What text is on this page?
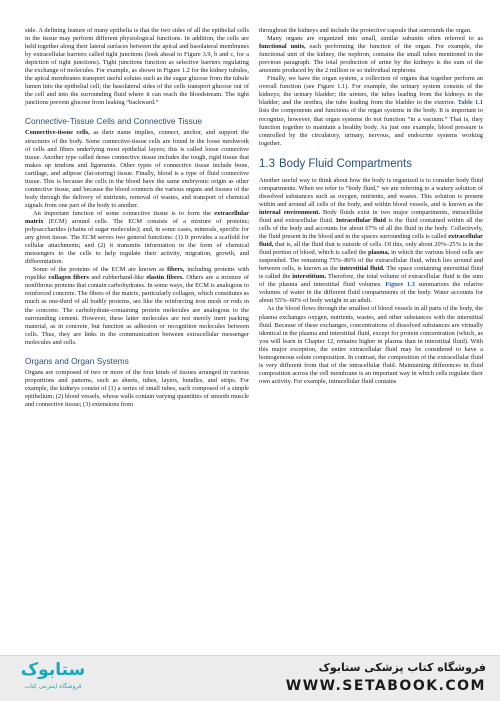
side. A defining feature of many epithelia is that the two sides of all the epithelial cells in the tissue may perform different physiological functions. In addition, the cells are held together along their lateral surfaces between the apical and basolateral membranes by extracellular barriers called tight junctions (look ahead to Figure 3.9, b and c, for a depiction of tight junctions). Tight junctions function as selective barriers regulating the exchange of molecules. For example, as shown in Figure 1.2 for the kidney tubules, the apical membranes transport useful solutes such as the sugar glucose from the tubule lumen into the epithelial cell; the basolateral sides of the cells transport glucose out of the cell and into the surrounding fluid where it can reach the bloodstream. The tight junctions prevent glucose from leaking “backward.”

Connective-Tissue Cells and Connective Tissue

Connective-tissue cells, as their name implies, connect, anchor, and support the structures of the body. Some connective-tissue cells are found in the loose meshwork of cells and fibers underlying most epithelial layers; this is called loose connective tissue. Another type called dense connective tissue includes the tough, rigid tissue that makes up tendons and ligaments. Other types of connective tissue include bone, cartilage, and adipose (fat-storing) tissue. Finally, blood is a type of fluid connective tissue. This is because the cells in the blood have the same embryonic origin as other connective tissue, and because the blood connects the various organs and tissues of the body through the delivery of nutrients, removal of wastes, and transport of chemical signals from one part of the body to another.

An important function of some connective tissue is to form the extracellular matrix (ECM) around cells. The ECM consists of a mixture of proteins; polysaccharides (chains of sugar molecules); and, in some cases, minerals, specific for any given tissue. The ECM serves two general functions: (1) It provides a scaffold for cellular attachments; and (2) it transmits information in the form of chemical messengers to the cells to help regulate their activity, migration, growth, and differentiation.

Some of the proteins of the ECM are known as fibers, including proteins with ropelike collagen fibers and rubberband-like elastin fibers. Others are a mixture of nonfibrous proteins that contain carbohydrates. In some ways, the ECM is analogous to reinforced concrete. The fibers of the matrix, particularly collagen, which constitutes as much as one-third of all bodily proteins, are like the reinforcing iron mesh or rods in the concrete. The carbohydrate-containing protein molecules are analogous to the surrounding cement. However, these latter molecules are not merely inert packing material, as in concrete, but function as adhesion or recognition molecules between cells. Thus, they are links in the communication between extracellular messenger molecules and cells.

Organs and Organ Systems

Organs are composed of two or more of the four kinds of tissues arranged in various proportions and patterns, such as sheets, tubes, layers, bundles, and strips. For example, the kidneys consist of (1) a series of small tubes, each composed of a simple epithelium; (2) blood vessels, whose walls contain varying quantities of smooth muscle and connective tissue; (3) extensions from

throughout the kidneys and include the protective capsule that surrounds the organ.

Many organs are organized into small, similar subunits often referred to as functional units, each performing the function of the organ. For example, the functional unit of the kidney, the nephron, contains the small tubes mentioned in the previous paragraph. The total production of urine by the kidneys is the sum of the amounts produced by the 2 million or so individual nephrons.

Finally, we have the organ system, a collection of organs that together perform an overall function (see Figure 1.1). For example, the urinary system consists of the kidneys; the urinary bladder; the ureters, the tubes leading from the kidneys to the bladder; and the urethra, the tube leading from the bladder to the exterior. Table 1.1 lists the components and functions of the organ systems in the body. It is important to recognize, however, that organ systems do not function “in a vacuum.” That is, they function together to maintain a healthy body. As just one example, blood pressure is controlled by the circulatory, urinary, nervous, and endocrine systems working together.

1.3 Body Fluid Compartments

Another useful way to think about how the body is organized is to consider body fluid compartments. When we refer to “body fluid,” we are referring to a watery solution of dissolved substances such as oxygen, nutrients, and wastes. This solution is present within and around all cells of the body, and within blood vessels, and is known as the internal environment. Body fluids exist in two major compartments, intracellular fluid and extracellular fluid. Intracellular fluid is the fluid contained within all the cells of the body and accounts for about 67% of all the fluid in the body. Collectively, the fluid present in the blood and in the spaces surrounding cells is called extracellular fluid, that is, all the fluid that is outside of cells. Of this, only about 20%–25% is in the fluid portion of blood, which is called the plasma, in which the various blood cells are suspended. The remaining 75%–80% of the extracellular fluid, which lies around and between cells, is known as the interstitial fluid. The space containing interstitial fluid is called the interstitium. Therefore, the total volume of extracellular fluid is the sum of the plasma and interstitial fluid volumes. Figure 1.3 summarizes the relative volumes of water in the different fluid compartments of the body. Water accounts for about 55%–60% of body weight in an adult.

As the blood flows through the smallest of blood vessels in all parts of the body, the plasma exchanges oxygen, nutrients, wastes, and other substances with the interstitial fluid. Because of these exchanges, concentrations of dissolved substances are virtually identical in the plasma and interstitial fluid, except for protein concentration (which, as you will learn in Chapter 12, remains higher in plasma than in interstitial fluid). With this major exception, the entire extracellular fluid may be considered to have a homogeneous solute composition. In contrast, the composition of the extracellular fluid is very different from that of the intracellular fluid. Maintaining differences in fluid composition across the cell membrane is an important way in which cells regulate their own activity. For example, intracellular fluid contains

ستابوک
فروشگاه اینترنتی کتاب
فروشگاه کتاب پزشکی ستابوک
WWW.SETABOOK.COM
